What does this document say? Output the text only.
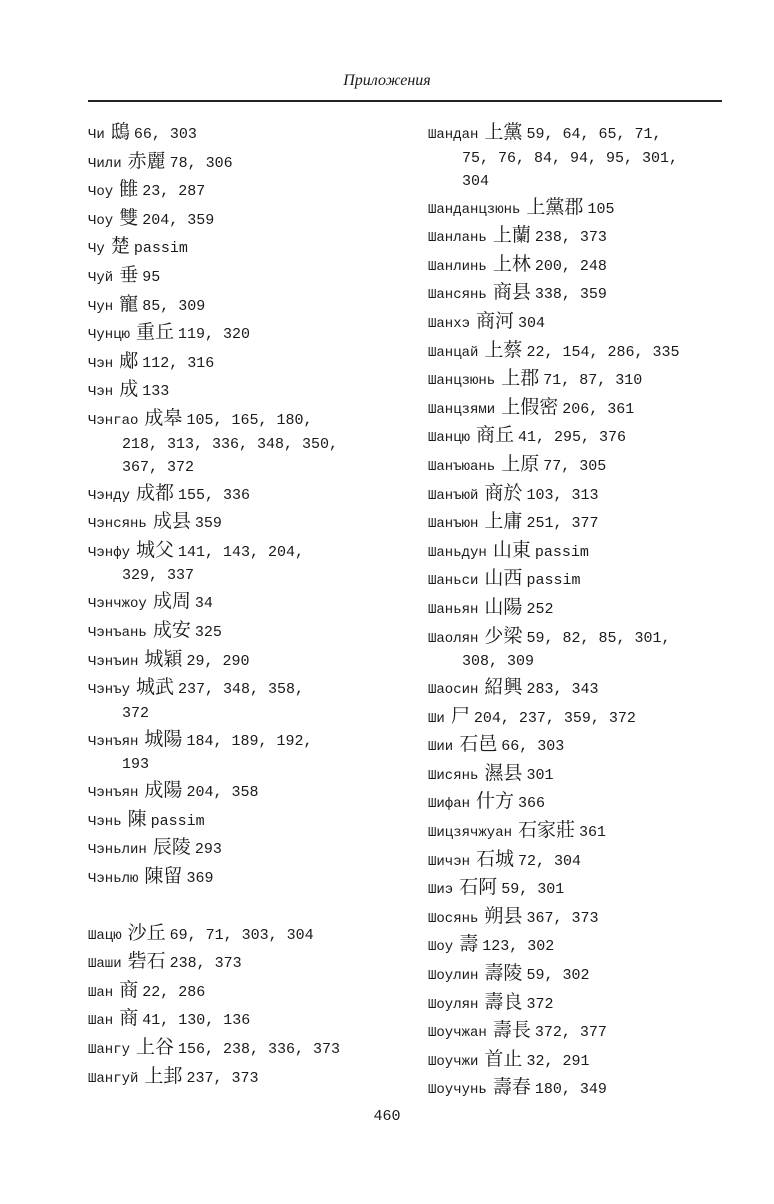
Приложения
Чи 鴟 66, 303
Чили 赤麗 78, 306
Чоу 雔 23, 287
Чоу 雙 204, 359
Чу 楚 passim
Чуй 垂 95
Чун 寵 85, 309
Чунцю 重丘 119, 320
Чэн 郕 112, 316
Чэн 成 133
Чэнгао 成皋 105, 165, 180,
218, 313, 336, 348, 350,
367, 372
Чэнду 成都 155, 336
Чэнсянь 成县 359
Чэнфу 城父 141, 143, 204,
329, 337
Чэнчжоу 成周 34
Чэнъань 成安 325
Чэнъин 城穎 29, 290
Чэнъу 城武 237, 348, 358,
372
Чэнъян 城陽 184, 189, 192,
193
Чэнъян 成陽 204, 358
Чэнь 陳 passim
Чэньлин 辰陵 293
Чэньлю 陳留 369
Шацю 沙丘 69, 71, 303, 304
Шаши 砦石 238, 373
Шан 商 22, 286
Шан 商 41, 130, 136
Шангу 上谷 156, 238, 336, 373
Шангуй 上邽 237, 373
Шандан 上黨 59, 64, 65, 71,
75, 76, 84, 94, 95, 301,
304
Шанданцзюнь 上黨郡 105
Шанлань 上蘭 238, 373
Шанлинь 上林 200, 248
Шансянь 商县 338, 359
Шанхэ 商河 304
Шанцай 上蔡 22, 154, 286, 335
Шанцзюнь 上郡 71, 87, 310
Шанцзями 上假密 206, 361
Шанцю 商丘 41, 295, 376
Шанъюань 上原 77, 305
Шанъюй 商於 103, 313
Шанъюн 上庸 251, 377
Шаньдун 山東 passim
Шаньси 山西 passim
Шаньян 山陽 252
Шаолян 少梁 59, 82, 85, 301,
308, 309
Шаосин 紹興 283, 343
Ши 尸 204, 237, 359, 372
Шии 石邑 66, 303
Шисянь 濕县 301
Шифан 什方 366
Шицзячжуан 石家莊 361
Шичэн 石城 72, 304
Шиэ 石阿 59, 301
Шосянь 朔县 367, 373
Шоу 壽 123, 302
Шоулин 壽陵 59, 302
Шоулян 壽良 372
Шоучжан 壽長 372, 377
Шоучжи 首止 32, 291
Шоучунь 壽春 180, 349
460
